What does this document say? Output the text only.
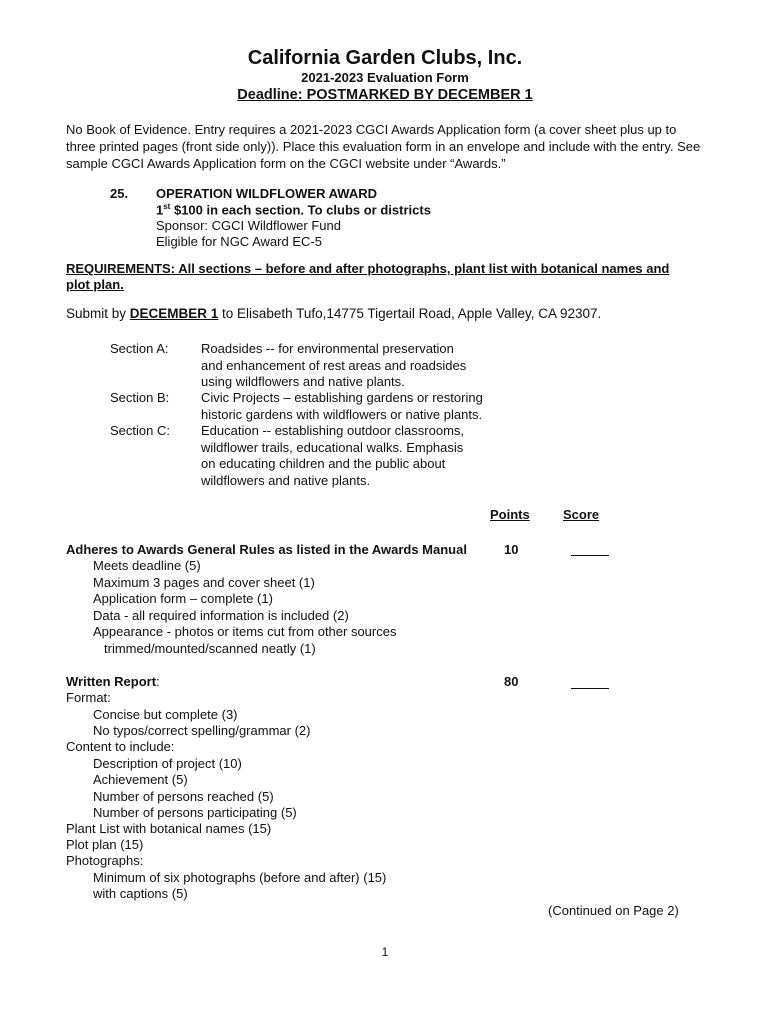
California Garden Clubs, Inc.
2021-2023 Evaluation Form
Deadline: POSTMARKED BY DECEMBER 1
No Book of Evidence. Entry requires a 2021-2023 CGCI Awards Application form (a cover sheet plus up to three printed pages (front side only)). Place this evaluation form in an envelope and include with the entry. See sample CGCI Awards Application form on the CGCI website under “Awards.”
25. OPERATION WILDFLOWER AWARD
1st $100 in each section. To clubs or districts
Sponsor: CGCI Wildflower Fund
Eligible for NGC Award EC-5
REQUIREMENTS: All sections – before and after photographs, plant list with botanical names and plot plan.
Submit by DECEMBER 1 to Elisabeth Tufo,14775 Tigertail Road, Apple Valley, CA 92307.
Section A: Roadsides -- for environmental preservation
and enhancement of rest areas and roadsides
using wildflowers and native plants.
Section B: Civic Projects – establishing gardens or restoring
historic gardens with wildflowers or native plants.
Section C: Education -- establishing outdoor classrooms,
wildflower trails, educational walks. Emphasis
on educating children and the public about
wildflowers and native plants.
Points	Score
Adheres to Awards General Rules as listed in the Awards Manual	10
Meets deadline (5)
Maximum 3 pages and cover sheet (1)
Application form – complete (1)
Data - all required information is included (2)
Appearance - photos or items cut from other sources
trimmed/mounted/scanned neatly (1)
Written Report:	80
Format:
Concise but complete (3)
No typos/correct spelling/grammar (2)
Content to include:
Description of project (10)
Achievement (5)
Number of persons reached (5)
Number of persons participating (5)
Plant List with botanical names (15)
Plot plan (15)
Photographs:
Minimum of six photographs (before and after) (15)
with captions (5)
(Continued on Page 2)
1
